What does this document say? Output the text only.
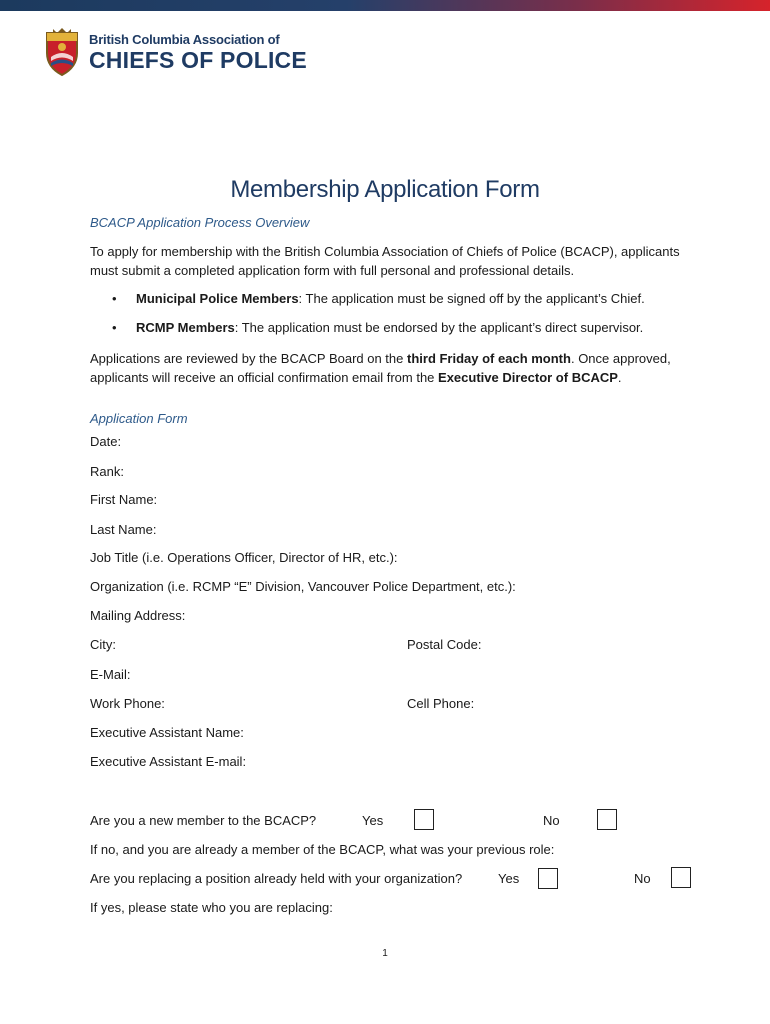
British Columbia Association of
CHIEFS OF POLICE
Membership Application Form
BCACP Application Process Overview
To apply for membership with the British Columbia Association of Chiefs of Police (BCACP), applicants must submit a completed application form with full personal and professional details.
• Municipal Police Members: The application must be signed off by the applicant’s Chief.
• RCMP Members: The application must be endorsed by the applicant’s direct supervisor.
Applications are reviewed by the BCACP Board on the third Friday of each month. Once approved, applicants will receive an official confirmation email from the Executive Director of BCACP.
Application Form
Date:
Rank:
First Name:
Last Name:
Job Title (i.e. Operations Officer, Director of HR, etc.):
Organization (i.e. RCMP “E” Division, Vancouver Police Department, etc.):
Mailing Address:
City:	Postal Code:
E-Mail:
Work Phone:	Cell Phone:
Executive Assistant Name:
Executive Assistant E-mail:
Are you a new member to the BCACP?	Yes	No
If no, and you are already a member of the BCACP, what was your previous role:
Are you replacing a position already held with your organization?	Yes	No
If yes, please state who you are replacing:
1
